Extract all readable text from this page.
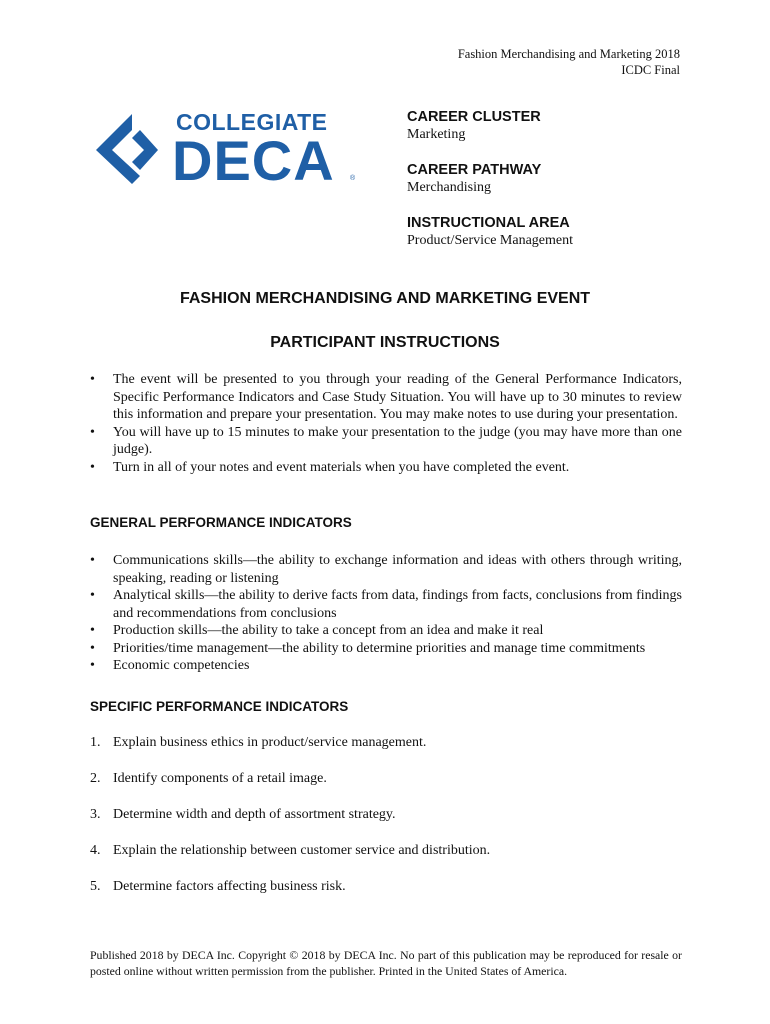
Fashion Merchandising and Marketing 2018
ICDC Final
COLLEGIATE
DECA ®
CAREER CLUSTER
Marketing
CAREER PATHWAY
Merchandising
INSTRUCTIONAL AREA
Product/Service Management
FASHION MERCHANDISING AND MARKETING EVENT
PARTICIPANT INSTRUCTIONS
• The event will be presented to you through your reading of the General Performance Indicators, Specific Performance Indicators and Case Study Situation. You will have up to 30 minutes to review this information and prepare your presentation. You may make notes to use during your presentation.
• You will have up to 15 minutes to make your presentation to the judge (you may have more than one judge).
• Turn in all of your notes and event materials when you have completed the event.
GENERAL PERFORMANCE INDICATORS
• Communications skills—the ability to exchange information and ideas with others through writing, speaking, reading or listening
• Analytical skills—the ability to derive facts from data, findings from facts, conclusions from findings and recommendations from conclusions
• Production skills—the ability to take a concept from an idea and make it real
• Priorities/time management—the ability to determine priorities and manage time commitments
• Economic competencies
SPECIFIC PERFORMANCE INDICATORS
1. Explain business ethics in product/service management.
2. Identify components of a retail image.
3. Determine width and depth of assortment strategy.
4. Explain the relationship between customer service and distribution.
5. Determine factors affecting business risk.
Published 2018 by DECA Inc. Copyright © 2018 by DECA Inc. No part of this publication may be reproduced for resale or posted online without written permission from the publisher. Printed in the United States of America.
